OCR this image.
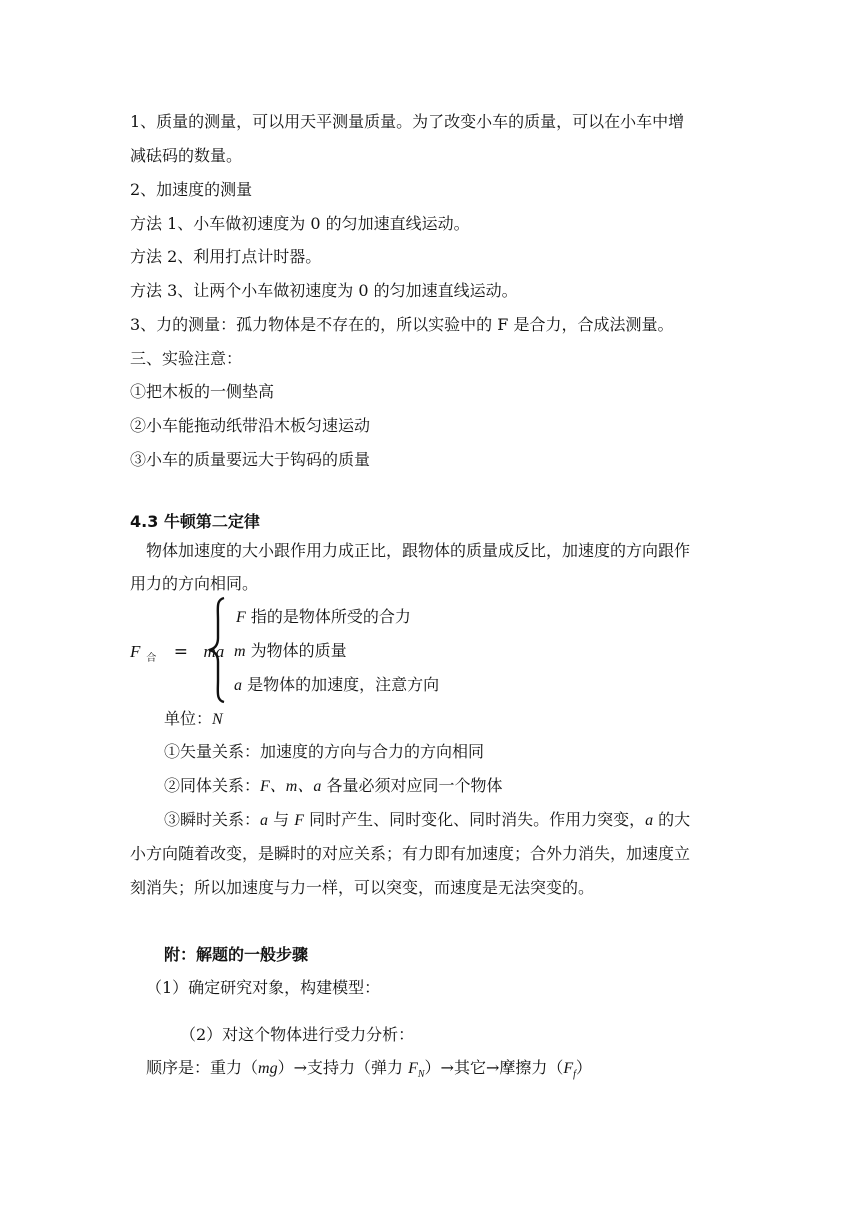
1、质量的测量，可以用天平测量质量。为了改变小车的质量，可以在小车中增
减砝码的数量。
2、加速度的测量
方法 1、小车做初速度为 0 的匀加速直线运动。
方法 2、利用打点计时器。
方法 3、让两个小车做初速度为 0 的匀加速直线运动。
3、力的测量：孤力物体是不存在的，所以实验中的 F 是合力，合成法测量。
三、实验注意：
①把木板的一侧垫高
②小车能拖动纸带沿木板匀速运动
③小车的质量要远大于钩码的质量
4.3 牛顿第二定律
物体加速度的大小跟作用力成正比，跟物体的质量成反比，加速度的方向跟作
用力的方向相同。
F $_合$ = ma
F 指的是物体所受的合力
m 为物体的质量
a 是物体的加速度，注意方向
单位：N
①矢量关系：加速度的方向与合力的方向相同
②同体关系：F、m、a 各量必须对应同一个物体
③瞬时关系：a 与 F 同时产生、同时变化、同时消失。作用力突变，a 的大
小方向随着改变，是瞬时的对应关系；有力即有加速度；合外力消失，加速度立
刻消失；所以加速度与力一样，可以突变，而速度是无法突变的。
附：解题的一般步骤
（1）确定研究对象，构建模型：
（2）对这个物体进行受力分析：
顺序是：重力（mg）→支持力（弹力 $F_N)\to$其它→摩擦力$(F_f)$
